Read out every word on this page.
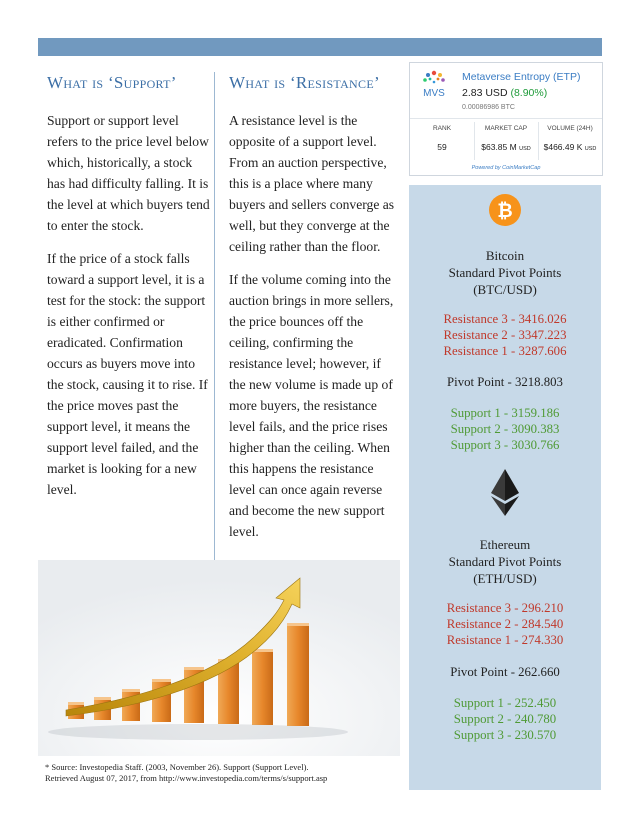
What is ‘Support’

Support or support level refers to the price level below which, historically, a stock has had difficulty falling. It is the level at which buyers tend to enter the stock.

If the price of a stock falls toward a support level, it is a test for the stock: the support is either confirmed or eradicated. Confirmation occurs as buyers move into the stock, causing it to rise. If the price moves past the support level, it means the support level failed, and the market is looking for a new level.

What is ‘Resistance’

A resistance level is the opposite of a support level. From an auction perspective, this is a place where many buyers and sellers converge as well, but they converge at the ceiling rather than the floor.

If the volume coming into the auction brings in more sellers, the price bounces off the ceiling, confirming the resistance level; however, if the new volume is made up of more buyers, the resistance level fails, and the price rises higher than the ceiling. When this happens the resistance level can once again reverse and become the new support level.

MVS
Metaverse Entropy (ETP)
2.83 USD (8.90%)
0.00086986 BTC
RANK
59
MARKET CAP
$63.85 M USD
VOLUME (24H)
$466.49 K USD
Powered by CoinMarketCap
₿
Bitcoin
Standard Pivot Points
(BTC/USD)
Resistance 3 - 3416.026
Resistance 2 - 3347.223
Resistance 1 - 3287.606
Pivot Point - 3218.803
Support 1 - 3159.186
Support 2 - 3090.383
Support 3 - 3030.766
Ethereum
Standard Pivot Points
(ETH/USD)
Resistance 3 - 296.210
Resistance 2 - 284.540
Resistance 1 - 274.330
Pivot Point - 262.660
Support 1 - 252.450
Support 2 - 240.780
Support 3 - 230.570
* Source: Investopedia Staff. (2003, November 26). Support (Support Level).
Retrieved August 07, 2017, from http://www.investopedia.com/terms/s/support.asp
